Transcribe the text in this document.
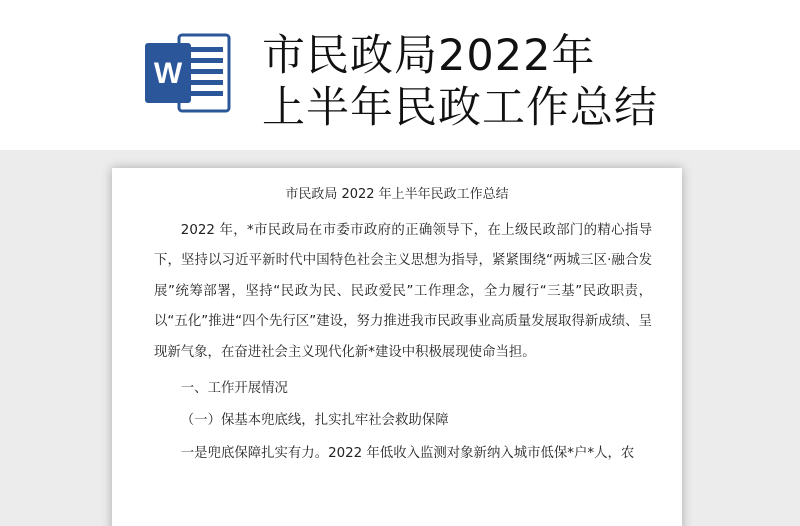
W 市民政局2022年
上半年民政工作总结
市民政局 2022 年上半年民政工作总结

2022 年，*市民政局在市委市政府的正确领导下，在上级民政部门的精心指导下，坚持以习近平新时代中国特色社会主义思想为指导，紧紧围绕“两城三区·融合发展”统筹部署，坚持“民政为民、民政爱民”工作理念，全力履行“三基”民政职责，以“五化”推进“四个先行区”建设，努力推进我市民政事业高质量发展取得新成绩、呈现新气象，在奋进社会主义现代化新*建设中积极展现使命当担。

一、工作开展情况

（一）保基本兜底线，扎实扎牢社会救助保障

一是兜底保障扎实有力。2022 年低收入监测对象新纳入城市低保*户*人，农
